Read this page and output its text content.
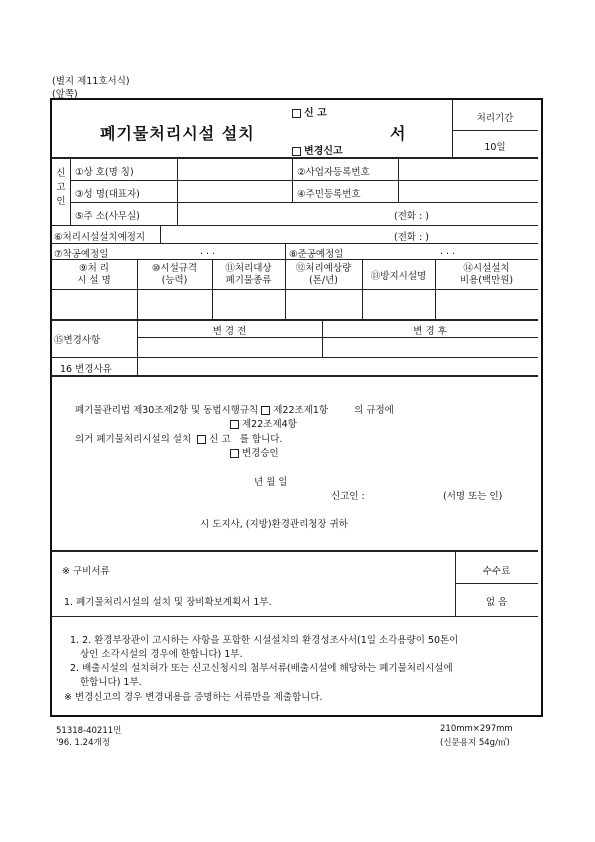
(별지 제11호서식)
(앞쪽)
폐기물처리시설 설치
신 고
변경신고
서
처리기간
10일
신
고
인
①상 호(명 칭)	②사업자등록번호
③성 명(대표자)	④주민등록번호
⑤주 소(사무실)	(전화 : )
⑥처리시설설치예정지	(전화 : )
⑦착공예정일	. . .	⑧준공예정일	. . .
⑨처 리
시 설 명
⑩시설규격
(능력)
⑪처리대상
폐기물종류
⑫처리예상량
(톤/년)	⑬방지시설명
⑭시설설치
비용(백만원)
⑮변경사항
변 경 전	변 경 후
16 변경사유
폐기물관리법 제30조제2항 및 동법시행규칙 제22조제1항	의 규정에
제22조제4항
의거 폐기물처리시설의 설치 신 고 를 합니다.
변경승인
년 월 일
신고인 :	(서명 또는 인)
시 도지사, (지방)환경관리청장 귀하
※ 구비서류	수수료
없 음
1. 폐기물처리시설의 설치 및 장비확보계획서 1부.
1. 2. 환경부장관이 고시하는 사항을 포함한 시설설치의 환경성조사서(1일 소각용량이 50톤이
상인 소각시설의 경우에 한합니다) 1부.
2. 배출시설의 설치허가 또는 신고신청시의 첨부서류(배출시설에 해당하는 폐기물처리시설에
한합니다) 1부.
※ 변경신고의 경우 변경내용을 증명하는 서류만을 제출합니다.
51318-40211민
'96. 1.24개정
210mm×297mm
(신문용지 54g/㎡)
